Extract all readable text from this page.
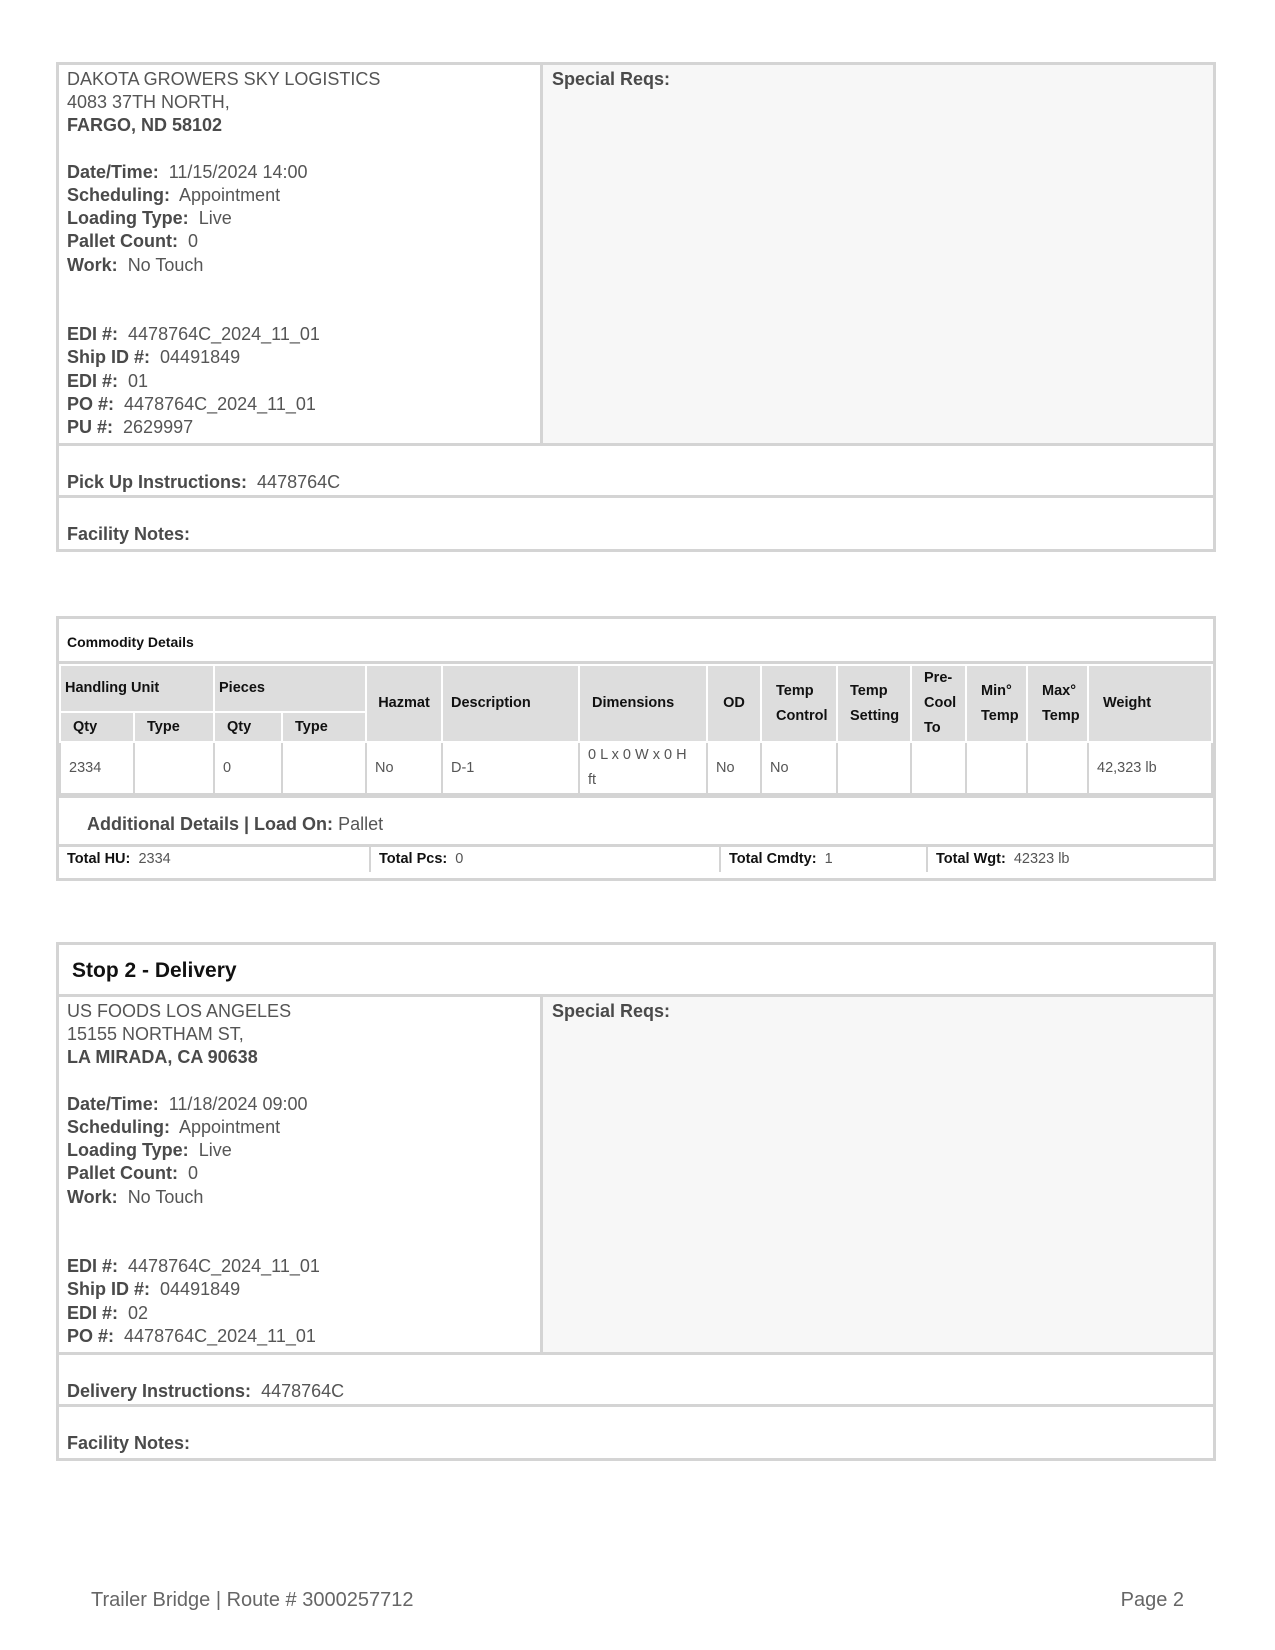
DAKOTA GROWERS SKY LOGISTICS
4083 37TH NORTH,
FARGO, ND 58102
Date/Time: 11/15/2024 14:00
Scheduling: Appointment
Loading Type: Live
Pallet Count: 0
Work: No Touch
EDI #: 4478764C_2024_11_01
Ship ID #: 04491849
EDI #: 01
PO #: 4478764C_2024_11_01
PU #: 2629997
Special Reqs:
Pick Up Instructions: 4478764C
Facility Notes:
Commodity Details
Handling Unit		Pieces		Hazmat	Description	Dimensions	OD	Temp Control	Temp Setting	Pre-Cool To	Min° Temp	Max° Temp	Weight
Qty	Type	Qty	Type										
2334		0		No	D-1	0 L x 0 W x 0 H ft	No	No					42,323 lb
Additional Details | Load On: Pallet
Total HU: 2334	Total Pcs: 0	Total Cmdty: 1	Total Wgt: 42323 lb
Stop 2 - Delivery
US FOODS LOS ANGELES
15155 NORTHAM ST,
LA MIRADA, CA 90638
Date/Time: 11/18/2024 09:00
Scheduling: Appointment
Loading Type: Live
Pallet Count: 0
Work: No Touch
EDI #: 4478764C_2024_11_01
Ship ID #: 04491849
EDI #: 02
PO #: 4478764C_2024_11_01
Special Reqs:
Delivery Instructions: 4478764C
Facility Notes:
Trailer Bridge | Route # 3000257712	Page 2
